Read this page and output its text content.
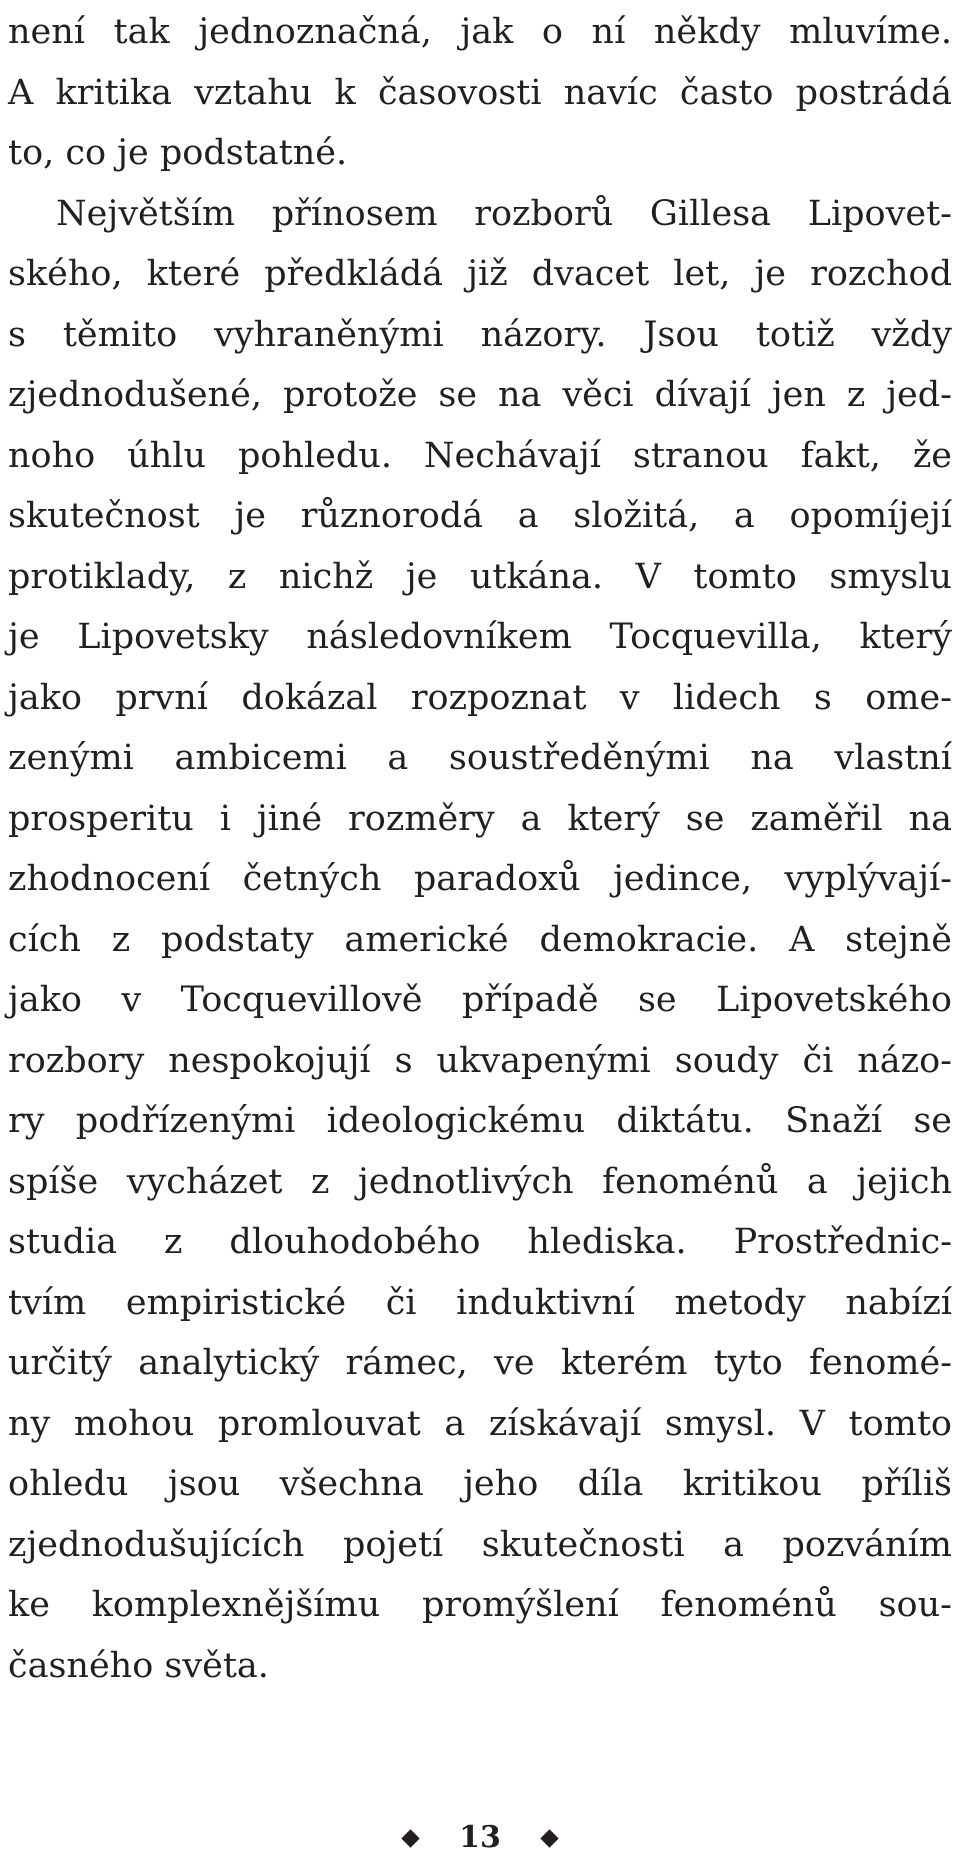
není tak jednoznačná, jak o ní někdy mluvíme.
A kritika vztahu k časovosti navíc často postrádá
to, co je podstatné.
Největším přínosem rozborů Gillesa Lipovet-
ského, které předkládá již dvacet let, je rozchod
s těmito vyhraněnými názory. Jsou totiž vždy
zjednodušené, protože se na věci dívají jen z jed-
noho úhlu pohledu. Nechávají stranou fakt, že
skutečnost je různorodá a složitá, a opomíjejí
protiklady, z nichž je utkána. V tomto smyslu
je Lipovetsky následovníkem Tocquevilla, který
jako první dokázal rozpoznat v lidech s ome-
zenými ambicemi a soustředěnými na vlastní
prosperitu i jiné rozměry a který se zaměřil na
zhodnocení četných paradoxů jedince, vyplývají-
cích z podstaty americké demokracie. A stejně
jako v Tocquevillově případě se Lipovetského
rozbory nespokojují s ukvapenými soudy či názo-
ry podřízenými ideologickému diktátu. Snaží se
spíše vycházet z jednotlivých fenoménů a jejich
studia z dlouhodobého hlediska. Prostřednic-
tvím empiristické či induktivní metody nabízí
určitý analytický rámec, ve kterém tyto fenomé-
ny mohou promlouvat a získávají smysl. V tomto
ohledu jsou všechna jeho díla kritikou příliš
zjednodušujících pojetí skutečnosti a pozváním
ke komplexnějšímu promýšlení fenoménů sou-
časného světa.
13
